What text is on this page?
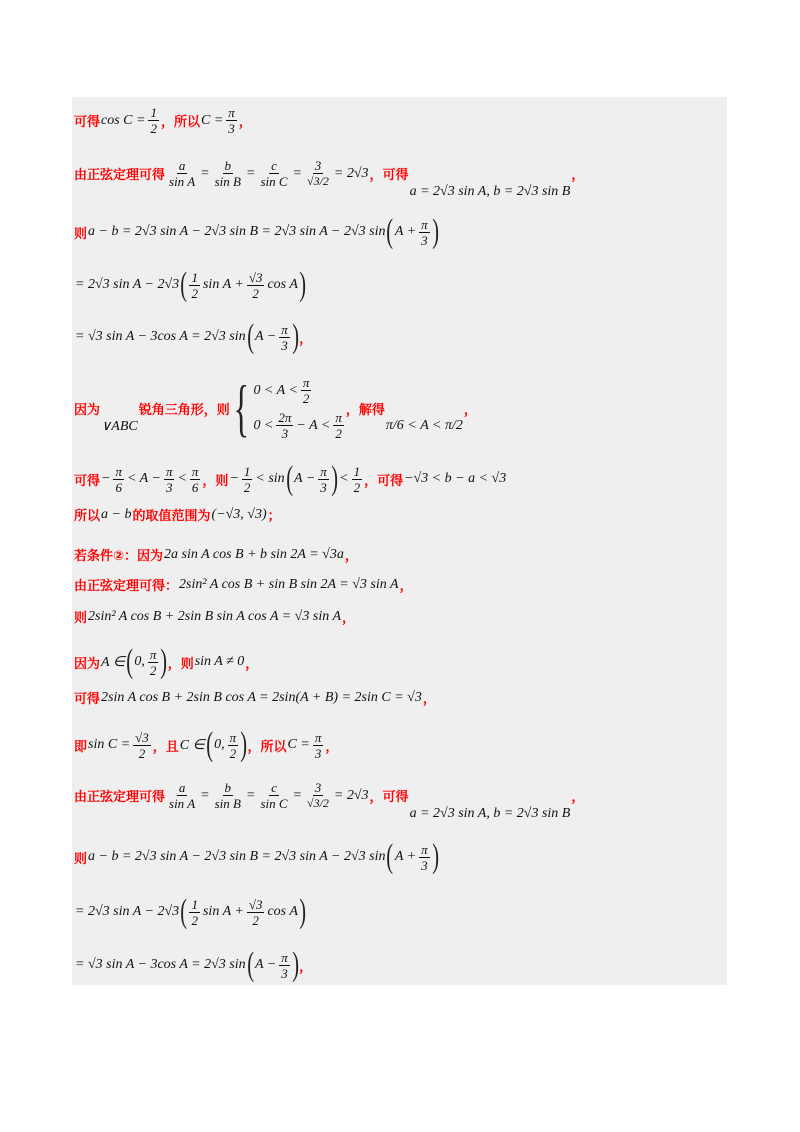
可得 $\cos C = \frac{1}{2}$ ，所以 $C = \frac{\pi}{3}$ ，
由正弦定理可得 $\frac{a}{\text{sin A}} = \frac{b}{\text{sin B}} = \frac{c}{\text{sin C}} = \frac{3}{√3/2} = 2√3$ ，可得
a = 2√3 sin A, b = 2√3 sin B
，
则 a − b = 2√3 sin A − 2√3 sin B = 2√3 sin A − 2√3 sin ( $A + \frac{\pi}{3}$ )
= 2√3 sin A − 2√3 ( $\frac{1}{2}$ $\sin A + \frac{√3}{2}$ cos A )
= √3 sin A − 3cos A = 2√3 sin ( $A - \frac{\pi}{3}$ ) ，
因为
∨ABC
锐角三角形，则 { $0 < A < \frac{\pi}{2}$
$0 < \frac{2\pi}{3} - A < \frac{\pi}{2}$ ，解得
π/6 < A < π/2
，
可得 − $\frac{\pi}{6} < A - \frac{\pi}{3} < \frac{\pi}{6}$ ，则 − $\frac{1}{2} < \sin$ ( $A - \frac{\pi}{3}$ ) < $\frac{1}{2}$ ，可得 −√3 < b − a < √3
所以 a − b 的取值范围为 (−√3, √3) ；
若条件②：因为 2a sin A cos B + b sin 2A = √3a ，
由正弦定理可得： 2sin² A cos B + sin B sin 2A = √3 sin A ，
则 2sin² A cos B + 2sin B sin A cos A = √3 sin A ，
因为 A ∈ ( 0, $\frac{\pi}{2}$ ) ，则 sin A ≠ 0 ，
可得 2sin A cos B + 2sin B cos A = 2sin(A + B) = 2sin C = √3 ，
即 $\sin C = \frac{√3}{2}$ ，且 C ∈ ( 0, $\frac{\pi}{2}$ ) ，所以 $C = \frac{\pi}{3}$ ，
由正弦定理可得 $\frac{a}{\text{sin A}} = \frac{b}{\text{sin B}} = \frac{c}{\text{sin C}} = \frac{3}{√3/2} = 2√3$ ，可得
a = 2√3 sin A, b = 2√3 sin B
，
则 a − b = 2√3 sin A − 2√3 sin B = 2√3 sin A − 2√3 sin ( $A + \frac{\pi}{3}$ )
= 2√3 sin A − 2√3 ( $\frac{1}{2}$ $\sin A + \frac{√3}{2}$ cos A )
= √3 sin A − 3cos A = 2√3 sin ( $A - \frac{\pi}{3}$ ) ，
